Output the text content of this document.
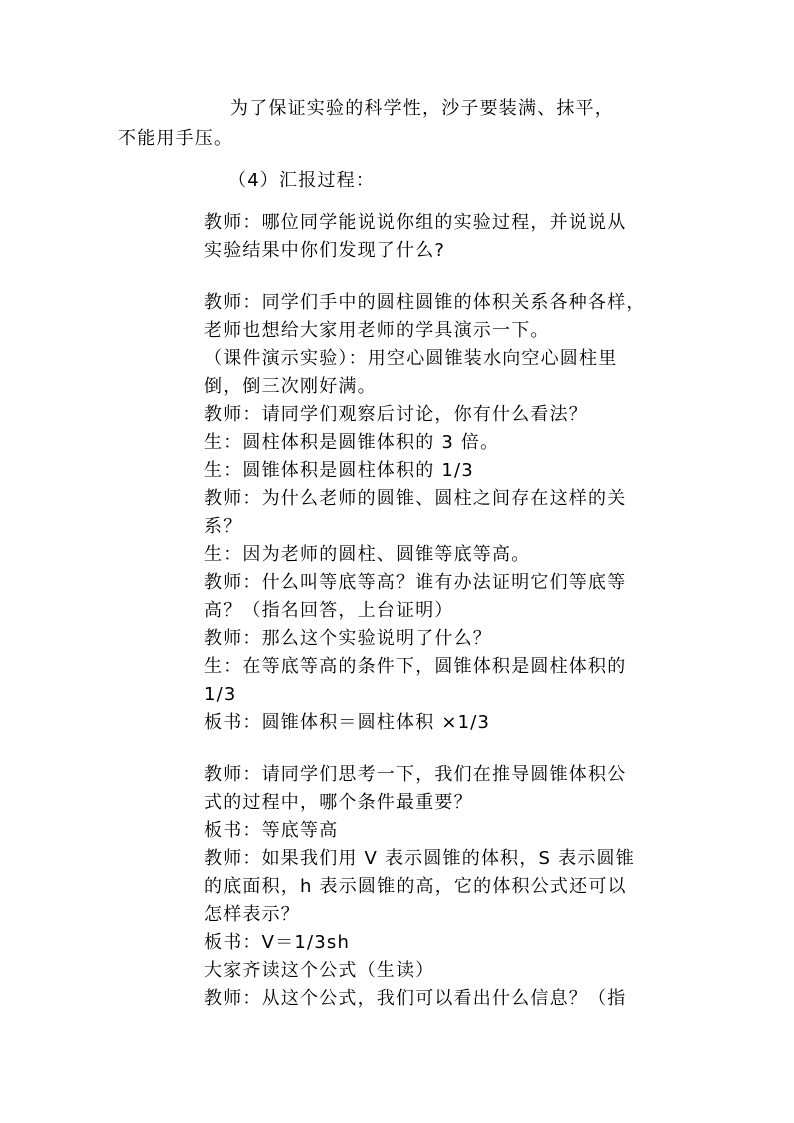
为了保证实验的科学性，沙子要装满、抹平，
不能用手压。
（4）汇报过程：
教师：哪位同学能说说你组的实验过程，并说说从
实验结果中你们发现了什么?
教师：同学们手中的圆柱圆锥的体积关系各种各样，
老师也想给大家用老师的学具演示一下。
（课件演示实验）：用空心圆锥装水向空心圆柱里
倒，倒三次刚好满。
教师：请同学们观察后讨论，你有什么看法？
生：圆柱体积是圆锥体积的 3 倍。
生：圆锥体积是圆柱体积的 1/3
教师：为什么老师的圆锥、圆柱之间存在这样的关
系？
生：因为老师的圆柱、圆锥等底等高。
教师：什么叫等底等高？谁有办法证明它们等底等
高？（指名回答，上台证明）
教师：那么这个实验说明了什么？
生：在等底等高的条件下，圆锥体积是圆柱体积的
1/3
板书：圆锥体积＝圆柱体积 ×1/3
教师：请同学们思考一下，我们在推导圆锥体积公
式的过程中，哪个条件最重要？
板书：等底等高
教师：如果我们用 V 表示圆锥的体积，S 表示圆锥
的底面积，h 表示圆锥的高，它的体积公式还可以
怎样表示？
板书：V＝1/3sh
大家齐读这个公式（生读）
教师：从这个公式，我们可以看出什么信息？（指
